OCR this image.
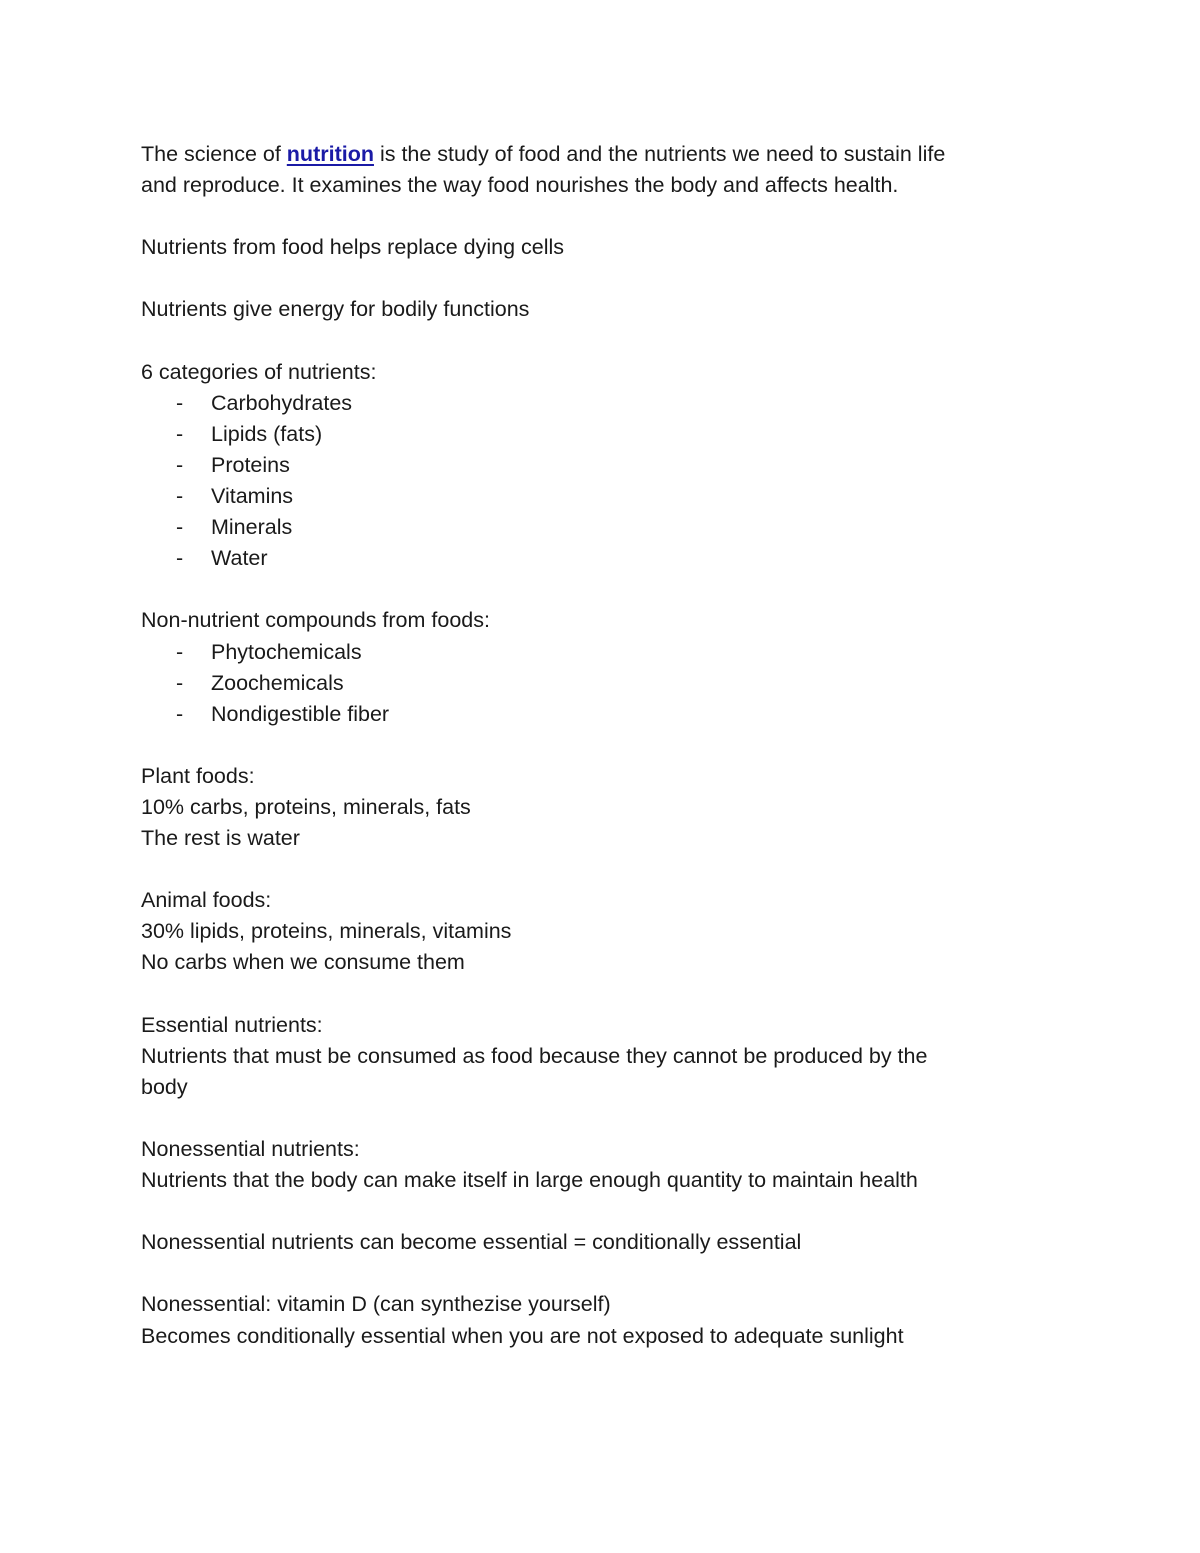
The science of nutrition is the study of food and the nutrients we need to sustain life
and reproduce. It examines the way food nourishes the body and affects health.
Nutrients from food helps replace dying cells
Nutrients give energy for bodily functions
6 categories of nutrients:
- Carbohydrates
- Lipids (fats)
- Proteins
- Vitamins
- Minerals
- Water
Non-nutrient compounds from foods:
- Phytochemicals
- Zoochemicals
- Nondigestible fiber
Plant foods:
10% carbs, proteins, minerals, fats
The rest is water
Animal foods:
30% lipids, proteins, minerals, vitamins
No carbs when we consume them
Essential nutrients:
Nutrients that must be consumed as food because they cannot be produced by the
body
Nonessential nutrients:
Nutrients that the body can make itself in large enough quantity to maintain health
Nonessential nutrients can become essential = conditionally essential
Nonessential: vitamin D (can synthezise yourself)
Becomes conditionally essential when you are not exposed to adequate sunlight
